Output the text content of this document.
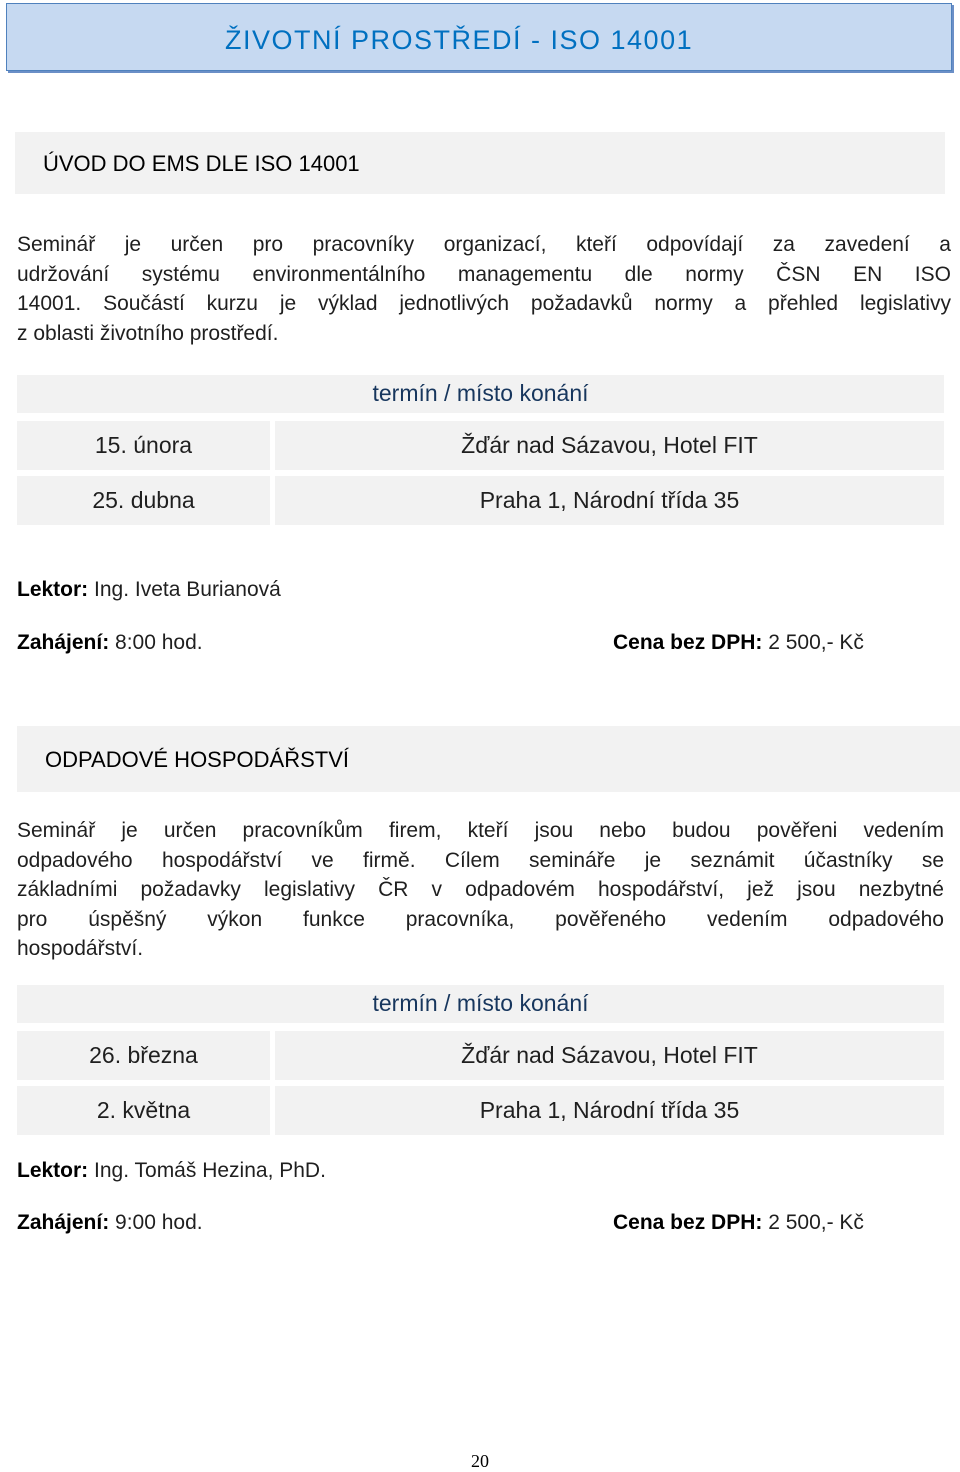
ŽIVOTNÍ PROSTŘEDÍ - ISO 14001
ÚVOD DO EMS DLE ISO 14001
Seminář je určen pro pracovníky organizací, kteří odpovídají za zavedení a
udržování systému environmentálního managementu dle normy ČSN EN ISO
14001. Součástí kurzu je výklad jednotlivých požadavků normy a přehled legislativy
z oblasti životního prostředí.
termín / místo konání
15. února	Žďár nad Sázavou, Hotel FIT
25. dubna	Praha 1, Národní třída 35
Lektor: Ing. Iveta Burianová
Zahájení: 8:00 hod.	Cena bez DPH: 2 500,- Kč
ODPADOVÉ HOSPODÁŘSTVÍ
Seminář je určen pracovníkům firem, kteří jsou nebo budou pověřeni vedením
odpadového hospodářství ve firmě. Cílem semináře je seznámit účastníky se
základními požadavky legislativy ČR v odpadovém hospodářství, jež jsou nezbytné
pro úspěšný výkon funkce pracovníka, pověřeného vedením odpadového
hospodářství.
termín / místo konání
26. března	Žďár nad Sázavou, Hotel FIT
2. května	Praha 1, Národní třída 35
Lektor: Ing. Tomáš Hezina, PhD.
Zahájení: 9:00 hod.	Cena bez DPH: 2 500,- Kč
20
